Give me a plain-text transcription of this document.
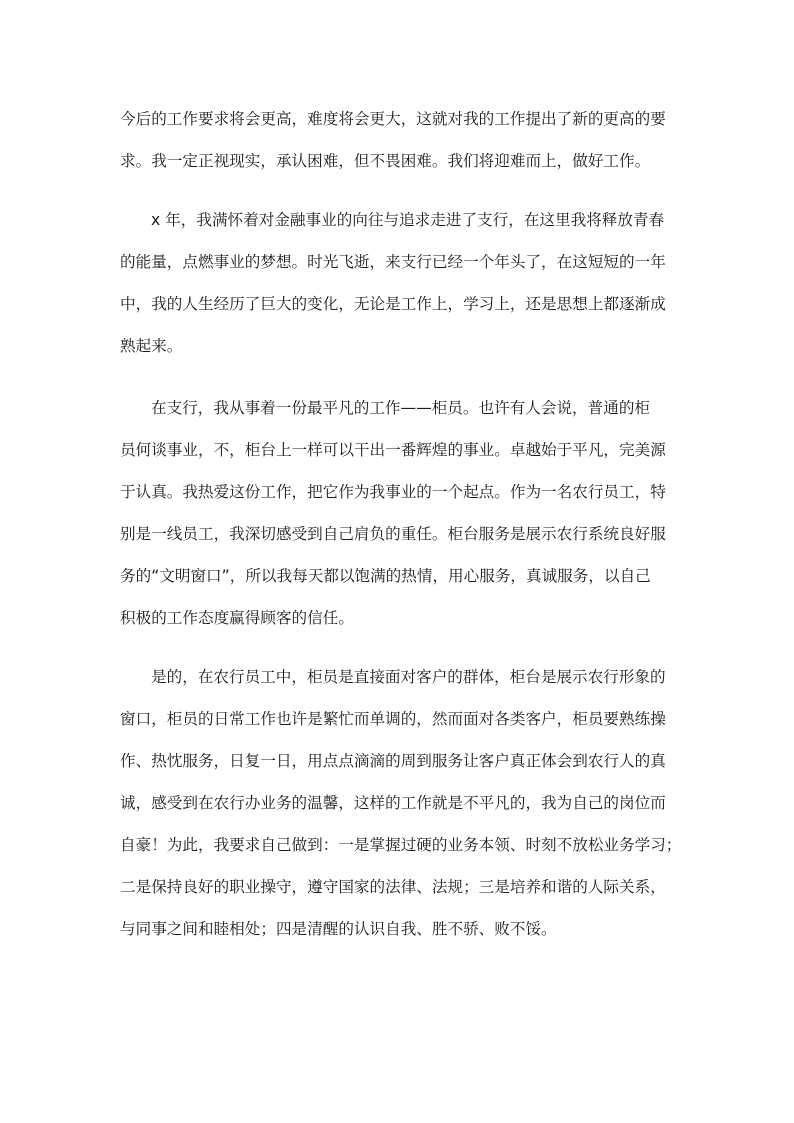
今后的工作要求将会更高，难度将会更大，这就对我的工作提出了新的更高的要
求。我一定正视现实，承认困难，但不畏困难。我们将迎难而上，做好工作。
x 年，我满怀着对金融事业的向往与追求走进了支行，在这里我将释放青春
的能量，点燃事业的梦想。时光飞逝，来支行已经一个年头了，在这短短的一年
中，我的人生经历了巨大的变化，无论是工作上，学习上，还是思想上都逐渐成
熟起来。
在支行，我从事着一份最平凡的工作——柜员。也许有人会说，普通的柜
员何谈事业，不，柜台上一样可以干出一番辉煌的事业。卓越始于平凡，完美源
于认真。我热爱这份工作，把它作为我事业的一个起点。作为一名农行员工，特
别是一线员工，我深切感受到自己肩负的重任。柜台服务是展示农行系统良好服
务的“文明窗口”，所以我每天都以饱满的热情，用心服务，真诚服务，以自己
积极的工作态度赢得顾客的信任。
是的，在农行员工中，柜员是直接面对客户的群体，柜台是展示农行形象的
窗口，柜员的日常工作也许是繁忙而单调的，然而面对各类客户，柜员要熟练操
作、热忱服务，日复一日，用点点滴滴的周到服务让客户真正体会到农行人的真
诚，感受到在农行办业务的温馨，这样的工作就是不平凡的，我为自己的岗位而
自豪！为此，我要求自己做到：一是掌握过硬的业务本领、时刻不放松业务学习；
二是保持良好的职业操守，遵守国家的法律、法规；三是培养和谐的人际关系，
与同事之间和睦相处；四是清醒的认识自我、胜不骄、败不馁。
